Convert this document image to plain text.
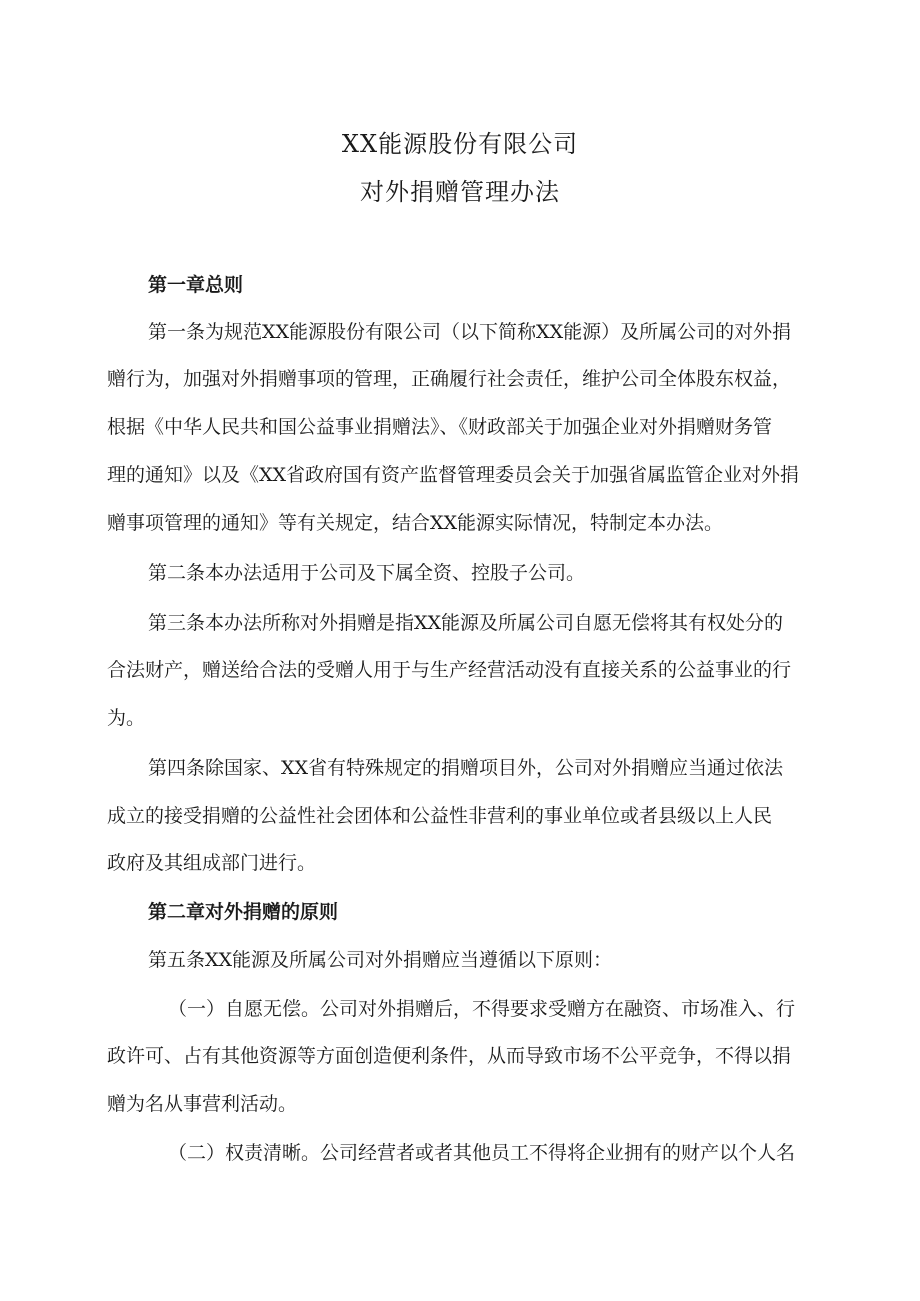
XX能源股份有限公司
对外捐赠管理办法
第一章总则
第一条为规范XX能源股份有限公司（以下简称XX能源）及所属公司的对外捐
赠行为，加强对外捐赠事项的管理，正确履行社会责任，维护公司全体股东权益，
根据《中华人民共和国公益事业捐赠法》、《财政部关于加强企业对外捐赠财务管
理的通知》以及《XX省政府国有资产监督管理委员会关于加强省属监管企业对外捐
赠事项管理的通知》等有关规定，结合XX能源实际情况，特制定本办法。
第二条本办法适用于公司及下属全资、控股子公司。
第三条本办法所称对外捐赠是指XX能源及所属公司自愿无偿将其有权处分的
合法财产，赠送给合法的受赠人用于与生产经营活动没有直接关系的公益事业的行
为。
第四条除国家、XX省有特殊规定的捐赠项目外，公司对外捐赠应当通过依法
成立的接受捐赠的公益性社会团体和公益性非营利的事业单位或者县级以上人民
政府及其组成部门进行。
第二章对外捐赠的原则
第五条XX能源及所属公司对外捐赠应当遵循以下原则：
（一）自愿无偿。公司对外捐赠后，不得要求受赠方在融资、市场准入、行
政许可、占有其他资源等方面创造便利条件，从而导致市场不公平竞争，不得以捐
赠为名从事营利活动。
（二）权责清晰。公司经营者或者其他员工不得将企业拥有的财产以个人名
